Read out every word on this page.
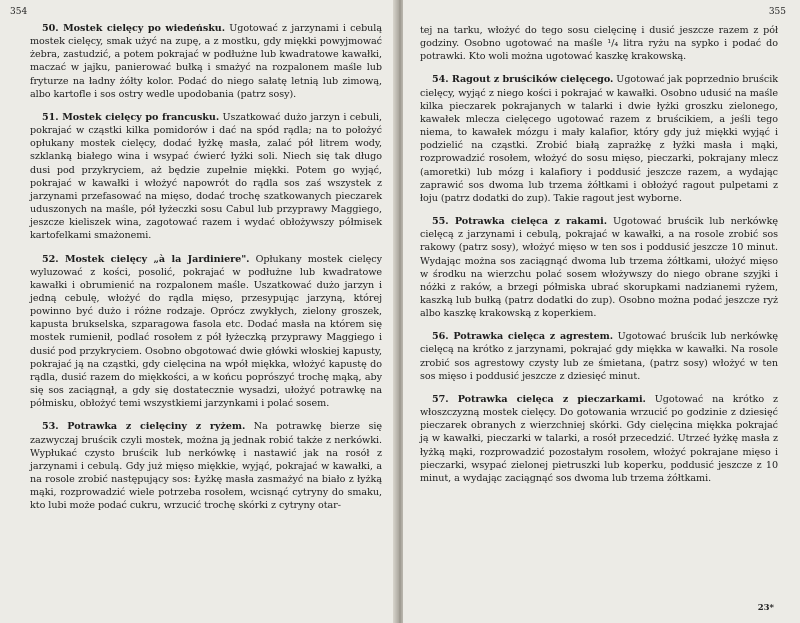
354

50. Mostek cielęcy po wiedeńsku. Ugotować z jarzynami i cebulą mostek cielęcy, smak użyć na zupę, a z mostku, gdy miękki powyjmować żebra, zastudzić, a potem pokrajać w podłużne lub kwadratowe kawałki, maczać w jajku, panierować bułką i smażyć na rozpalonem maśle lub fryturze na ładny żółty kolor. Podać do niego sałatę letnią lub zimową, albo kartofle i sos ostry wedle upodobania (patrz sosy).

51. Mostek cielęcy po francusku. Uszatkować dużo jarzyn i cebuli, pokrajać w cząstki kilka pomidorów i dać na spód rądla; na to położyć opłukany mostek cielęcy, dodać łyżkę masła, zalać pół litrem wody, szklanką białego wina i wsypać ćwierć łyżki soli. Niech się tak długo dusi pod przykryciem, aż będzie zupełnie miękki. Potem go wyjąć, pokrajać w kawałki i włożyć napowrót do rądla sos zaś wszystek z jarzynami przefasować na mięso, dodać trochę szatkowanych pieczarek uduszonych na maśle, pół łyżeczki sosu Cabul lub przyprawy Maggiego, jeszcze kieliszek wina, zagotować razem i wydać obłożywszy półmisek kartofelkami smażonemi.

52. Mostek cielęcy „à la Jardiniere". Opłukany mostek cielęcy wyluzować z kości, posolić, pokrajać w podłużne lub kwadratowe kawałki i obrumienić na rozpalonem maśle. Uszatkować dużo jarzyn i jedną cebulę, włożyć do rądla mięso, przesypując jarzyną, której powinno być dużo i różne rodzaje. Oprócz zwykłych, zielony groszek, kapusta brukselska, szparagowa fasola etc. Dodać masła na którem się mostek rumienił, podlać rosołem z pół łyżeczką przyprawy Maggiego i dusić pod przykryciem. Osobno obgotować dwie główki włoskiej kapusty, pokrajać ją na cząstki, gdy cielęcina na wpół miękka, włożyć kapustę do rądla, dusić razem do miękkości, a w końcu poprószyć trochę mąką, aby się sos zaciągnął, a gdy się dostatecznie wysadzi, ułożyć potrawkę na półmisku, obłożyć temi wszystkiemi jarzynkami i polać sosem.

53. Potrawka z cielęciny z ryżem. Na potrawkę bierze się zazwyczaj bruścik czyli mostek, można ją jednak robić także z nerkówki. Wypłukać czysto bruścik lub nerkówkę i nastawić jak na rosół z jarzynami i cebulą. Gdy już mięso miękkie, wyjąć, pokrajać w kawałki, a na rosole zrobić następujący sos: Łyżkę masła zasmażyć na biało z łyżką mąki, rozprowadzić wiele potrzeba rosołem, wcisnąć cytryny do smaku, kto lubi może podać cukru, wrzucić trochę skórki z cytryny otar-

355

tej na tarku, włożyć do tego sosu cielęcinę i dusić jeszcze razem z pół godziny. Osobno ugotować na maśle ¹/₄ litra ryżu na sypko i podać do potrawki. Kto woli można ugotować kaszkę krakowską.

54. Ragout z bruścików cielęcego. Ugotować jak poprzednio bruścik cielęcy, wyjąć z niego kości i pokrajać w kawałki. Osobno udusić na maśle kilka pieczarek pokrajanych w talarki i dwie łyżki groszku zielonego, kawałek mlecza cielęcego ugotować razem z bruścikiem, a jeśli tego niema, to kawałek mózgu i mały kalafior, który gdy już miękki wyjąć i podzielić na cząstki. Zrobić białą zaprażkę z łyżki masła i mąki, rozprowadzić rosołem, włożyć do sosu mięso, pieczarki, pokrajany mlecz (amoretki) lub mózg i kalafiory i poddusić jeszcze razem, a wydając zaprawić sos dwoma lub trzema żółtkami i obłożyć ragout pulpetami z łoju (patrz dodatki do zup). Takie ragout jest wyborne.

55. Potrawka cielęca z rakami. Ugotować bruścik lub nerkówkę cielęcą z jarzynami i cebulą, pokrajać w kawałki, a na rosole zrobić sos rakowy (patrz sosy), włożyć mięso w ten sos i poddusić jeszcze 10 minut. Wydając można sos zaciągnąć dwoma lub trzema żółtkami, ułożyć mięso w środku na wierzchu polać sosem włożywszy do niego obrane szyjki i nóżki z raków, a brzegi półmiska ubrać skorupkami nadzianemi ryżem, kaszką lub bułką (patrz dodatki do zup). Osobno można podać jeszcze ryż albo kaszkę krakowską z koperkiem.

56. Potrawka cielęca z agrestem. Ugotować bruścik lub nerkówkę cielęcą na krótko z jarzynami, pokrajać gdy miękka w kawałki. Na rosole zrobić sos agrestowy czysty lub ze śmietana, (patrz sosy) włożyć w ten sos mięso i poddusić jeszcze z dziesięć minut.

57. Potrawka cielęca z pieczarkami. Ugotować na krótko z włoszczyzną mostek cielęcy. Do gotowania wrzucić po godzinie z dziesięć pieczarek obranych z wierzchniej skórki. Gdy cielęcina miękka pokrajać ją w kawałki, pieczarki w talarki, a rosół przecedzić. Utrzeć łyżkę masła z łyżką mąki, rozprowadzić pozostałym rosołem, włożyć pokrajane mięso i pieczarki, wsypać zielonej pietruszki lub koperku, poddusić jeszcze z 10 minut, a wydając zaciągnąć sos dwoma lub trzema żółtkami.

23*
